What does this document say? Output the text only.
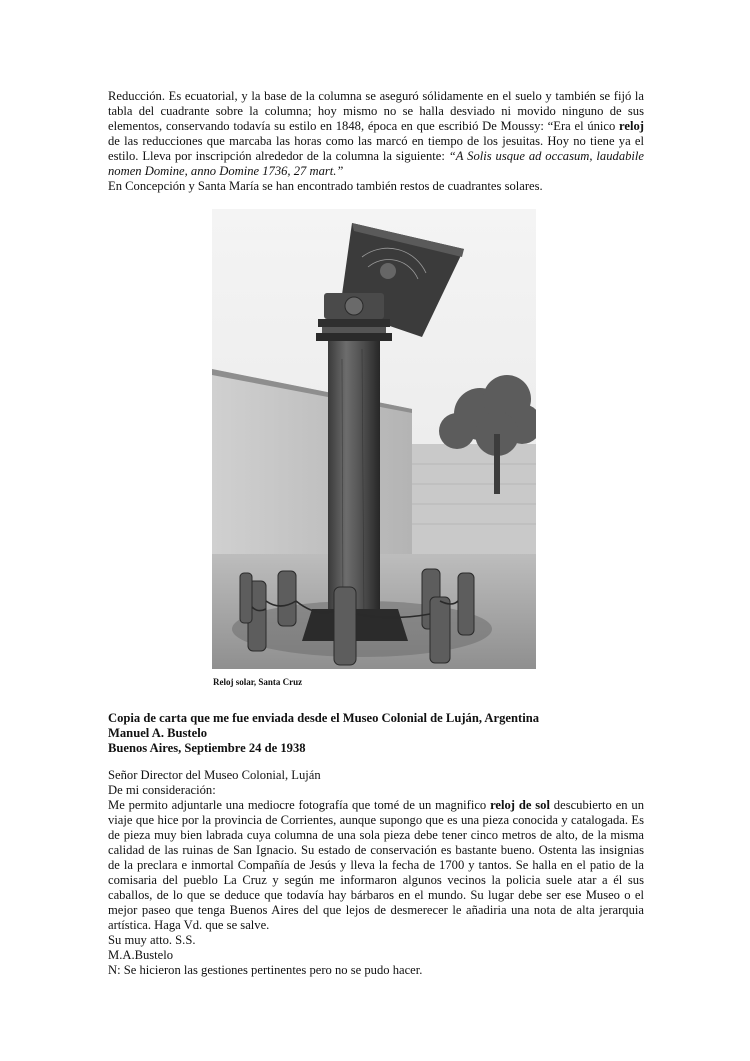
Reducción. Es ecuatorial, y la base de la columna se aseguró sólidamente en el suelo y también se fijó la tabla del cuadrante sobre la columna; hoy mismo no se halla desviado ni movido ninguno de sus elementos, conservando todavía su estilo en 1848, época en que escribió De Moussy: “Era el único reloj de las reducciones que marcaba las horas como las marcó en tiempo de los jesuitas. Hoy no tiene ya el estilo. Lleva por inscripción alrededor de la columna la siguiente: “A Solis usque ad occasum, laudabile nomen Domine, anno Domine 1736, 27 mart.”

En Concepción y Santa María se han encontrado también restos de cuadrantes solares.

Reloj solar, Santa Cruz

Copia de carta que me fue enviada desde el Museo Colonial de Luján, Argentina

Manuel A. Bustelo

Buenos Aires, Septiembre 24 de 1938

Señor Director del Museo Colonial, Luján

De mi consideración:

Me permito adjuntarle una mediocre fotografía que tomé de un magnifico reloj de sol descubierto en un viaje que hice por la provincia de Corrientes, aunque supongo que es una pieza conocida y catalogada. Es de pieza muy bien labrada cuya columna de una sola pieza debe tener cinco metros de alto, de la misma calidad de las ruinas de San Ignacio. Su estado de conservación es bastante bueno. Ostenta las insignias de la preclara e inmortal Compañía de Jesús y lleva la fecha de 1700 y tantos. Se halla en el patio de la comisaria del pueblo La Cruz y según me informaron algunos vecinos la policia suele atar a él sus caballos, de lo que se deduce que todavía hay bárbaros en el mundo. Su lugar debe ser ese Museo o el mejor paseo que tenga Buenos Aires del que lejos de desmerecer le añadiria una nota de alta jerarquia artística. Haga Vd. que se salve.

Su muy atto. S.S.

M.A.Bustelo

N: Se hicieron las gestiones pertinentes pero no se pudo hacer.
